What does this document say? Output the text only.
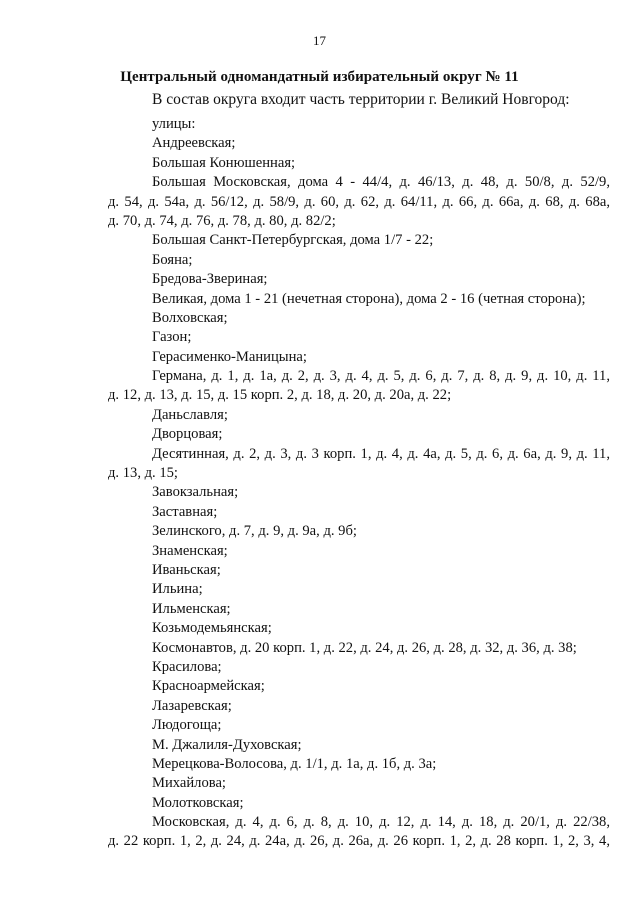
17
Центральный одномандатный избирательный округ № 11
В состав округа входит часть территории г. Великий Новгород:
улицы:
Андреевская;
Большая Конюшенная;
Большая Московская, дома 4 - 44/4, д. 46/13, д. 48, д. 50/8, д. 52/9,
д. 54, д. 54а, д. 56/12, д. 58/9, д. 60, д. 62, д. 64/11, д. 66, д. 66а, д. 68, д. 68а,
д. 70, д. 74, д. 76, д. 78, д. 80, д. 82/2;
Большая Санкт-Петербургская, дома 1/7 - 22;
Бояна;
Бредова-Звериная;
Великая, дома 1 - 21 (нечетная сторона), дома 2 - 16 (четная сторона);
Волховская;
Газон;
Герасименко-Маницына;
Германа, д. 1, д. 1а, д. 2, д. 3, д. 4, д. 5, д. 6, д. 7, д. 8, д. 9, д. 10, д. 11,
д. 12, д. 13, д. 15, д. 15 корп. 2, д. 18, д. 20, д. 20а, д. 22;
Даньславля;
Дворцовая;
Десятинная, д. 2, д. 3, д. 3 корп. 1, д. 4, д. 4а, д. 5, д. 6, д. 6а, д. 9, д. 11,
д. 13, д. 15;
Завокзальная;
Заставная;
Зелинского, д. 7, д. 9, д. 9а, д. 9б;
Знаменская;
Иваньская;
Ильина;
Ильменская;
Козьмодемьянская;
Космонавтов, д. 20 корп. 1, д. 22, д. 24, д. 26, д. 28, д. 32, д. 36, д. 38;
Красилова;
Красноармейская;
Лазаревская;
Людогоща;
М. Джалиля-Духовская;
Мерецкова-Волосова, д. 1/1, д. 1а, д. 1б, д. 3а;
Михайлова;
Молотковская;
Московская, д. 4, д. 6, д. 8, д. 10, д. 12, д. 14, д. 18, д. 20/1, д. 22/38,
д. 22 корп. 1, 2, д. 24, д. 24а, д. 26, д. 26а, д. 26 корп. 1, 2, д. 28 корп. 1, 2, 3, 4,
